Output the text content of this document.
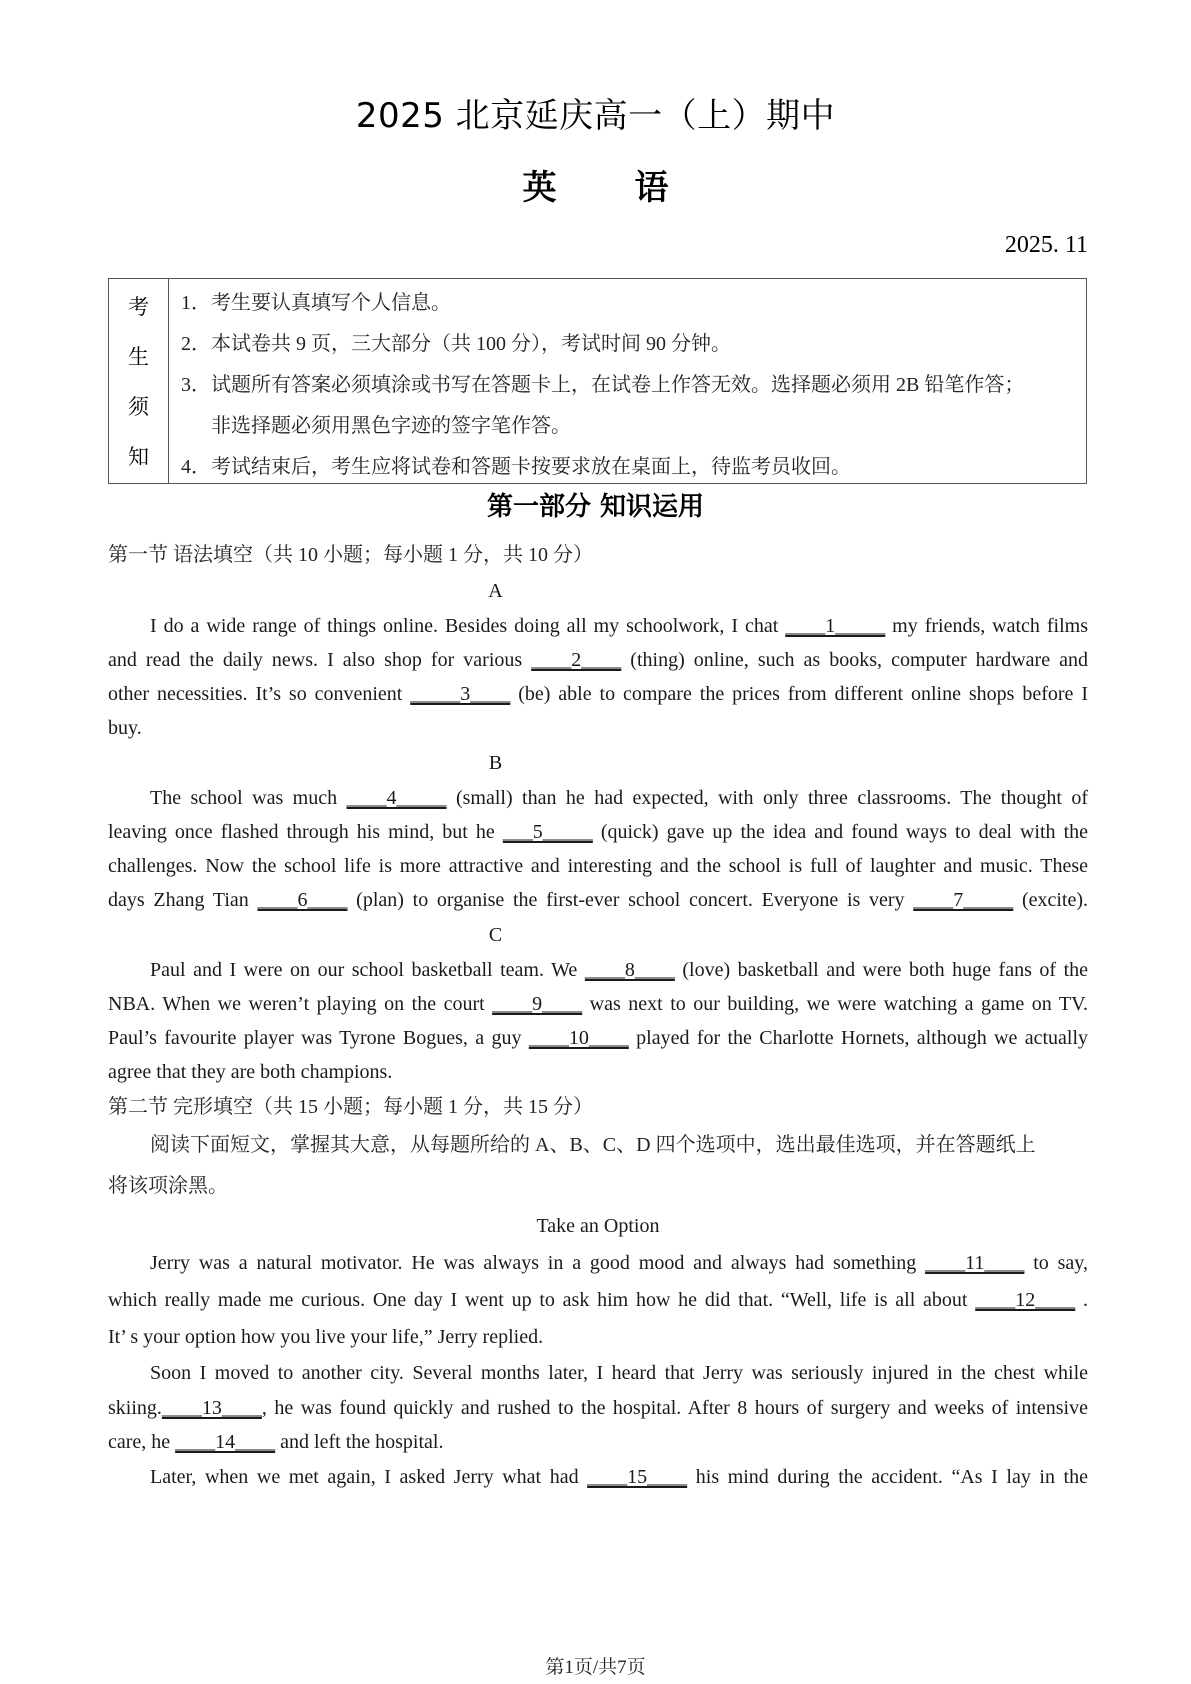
2025 北京延庆高一（上）期中
英 语
2025. 11
考
生
须
知
1．考生要认真填写个人信息。
2．本试卷共 9 页，三大部分（共 100 分），考试时间 90 分钟。
3．试题所有答案必须填涂或书写在答题卡上，在试卷上作答无效。选择题必须用 2B 铅笔作答；
非选择题必须用黑色字迹的签字笔作答。
4．考试结束后，考生应将试卷和答题卡按要求放在桌面上，待监考员收回。
第一部分 知识运用
第一节 语法填空（共 10 小题；每小题 1 分，共 10 分）
A
I do a wide range of things online. Besides doing all my schoolwork, I chat ____1_____ my friends, watch films
and read the daily news. I also shop for various ____2____ (thing) online, such as books, computer hardware and
other necessities. It’s so convenient _____3____ (be) able to compare the prices from different online shops before I
buy.
B
The school was much ____4_____ (small) than he had expected, with only three classrooms. The thought of
leaving once flashed through his mind, but he ___5_____ (quick) gave up the idea and found ways to deal with the
challenges. Now the school life is more attractive and interesting and the school is full of laughter and music. These
days Zhang Tian ____6____ (plan) to organise the first-ever school concert. Everyone is very ____7_____ (excite).
C
Paul and I were on our school basketball team. We ____8____ (love) basketball and were both huge fans of the
NBA. When we weren’t playing on the court ____9____ was next to our building, we were watching a game on TV.
Paul’s favourite player was Tyrone Bogues, a guy ____10____ played for the Charlotte Hornets, although we actually
agree that they are both champions.
第二节 完形填空（共 15 小题；每小题 1 分，共 15 分）
阅读下面短文，掌握其大意，从每题所给的 A、B、C、D 四个选项中，选出最佳选项，并在答题纸上
将该项涂黑。
Take an Option
Jerry was a natural motivator. He was always in a good mood and always had something ____11____ to say,
which really made me curious. One day I went up to ask him how he did that. “Well, life is all about ____12____ .
It’ s your option how you live your life,” Jerry replied.
Soon I moved to another city. Several months later, I heard that Jerry was seriously injured in the chest while
skiing.____13____, he was found quickly and rushed to the hospital. After 8 hours of surgery and weeks of intensive
care, he ____14____ and left the hospital.
Later, when we met again, I asked Jerry what had ____15____ his mind during the accident. “As I lay in the
第1页/共7页
